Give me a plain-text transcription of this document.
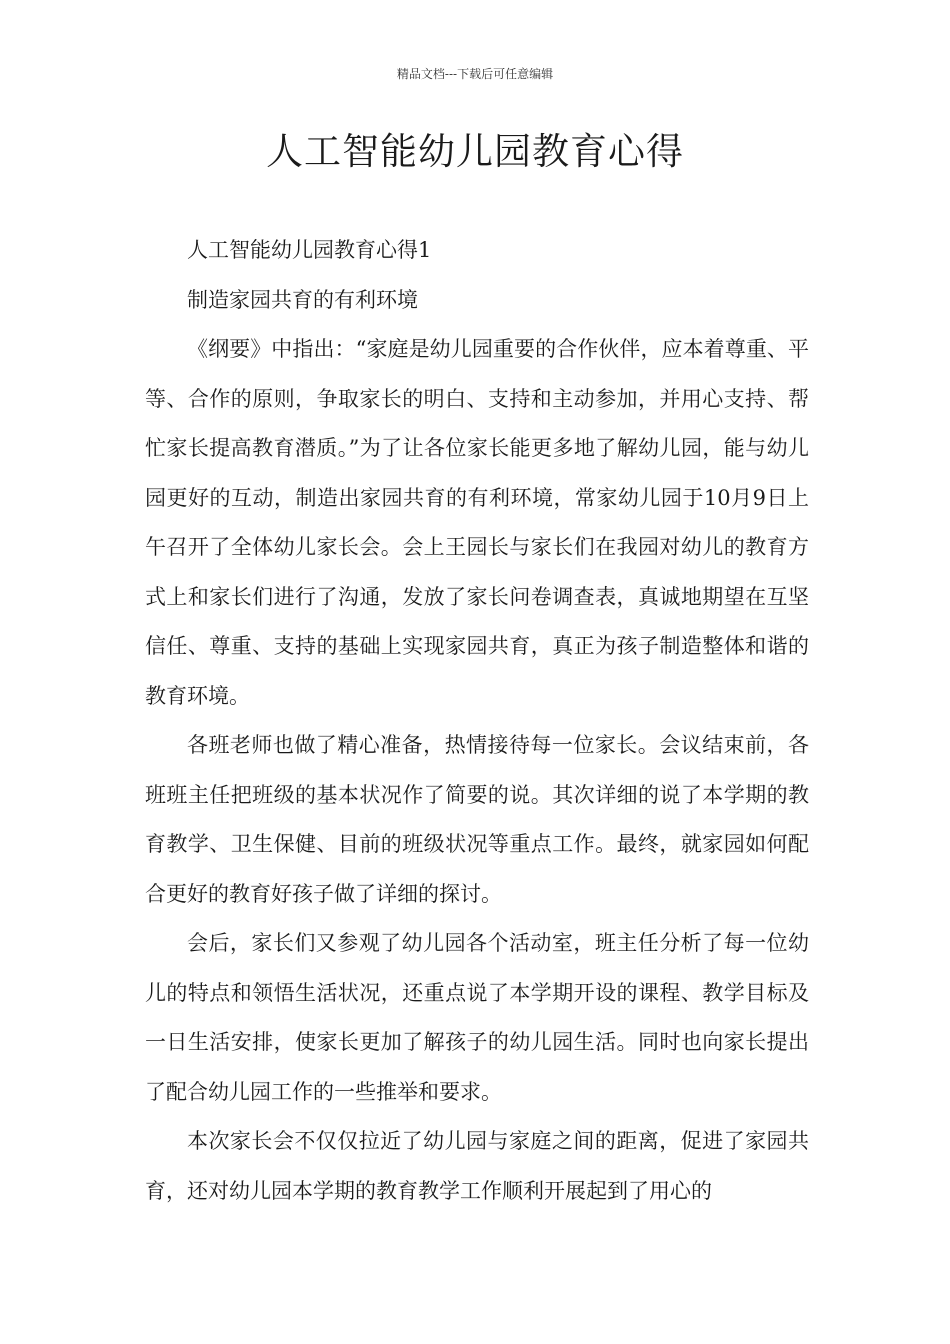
精品文档---下载后可任意编辑
人工智能幼儿园教育心得

人工智能幼儿园教育心得1

制造家园共育的有利环境

《纲要》中指出：“家庭是幼儿园重要的合作伙伴，应本着尊重、平等、合作的原则，争取家长的明白、支持和主动参加，并用心支持、帮忙家长提高教育潜质。”为了让各位家长能更多地了解幼儿园，能与幼儿园更好的互动，制造出家园共育的有利环境，常家幼儿园于10月9日上午召开了全体幼儿家长会。会上王园长与家长们在我园对幼儿的教育方式上和家长们进行了沟通，发放了家长问卷调查表，真诚地期望在互坚信任、尊重、支持的基础上实现家园共育，真正为孩子制造整体和谐的教育环境。

各班老师也做了精心准备，热情接待每一位家长。会议结束前，各班班主任把班级的基本状况作了简要的说。其次详细的说了本学期的教育教学、卫生保健、目前的班级状况等重点工作。最终，就家园如何配合更好的教育好孩子做了详细的探讨。

会后，家长们又参观了幼儿园各个活动室，班主任分析了每一位幼儿的特点和领悟生活状况，还重点说了本学期开设的课程、教学目标及一日生活安排，使家长更加了解孩子的幼儿园生活。同时也向家长提出了配合幼儿园工作的一些推举和要求。

本次家长会不仅仅拉近了幼儿园与家庭之间的距离，促进了家园共育，还对幼儿园本学期的教育教学工作顺利开展起到了用心的
